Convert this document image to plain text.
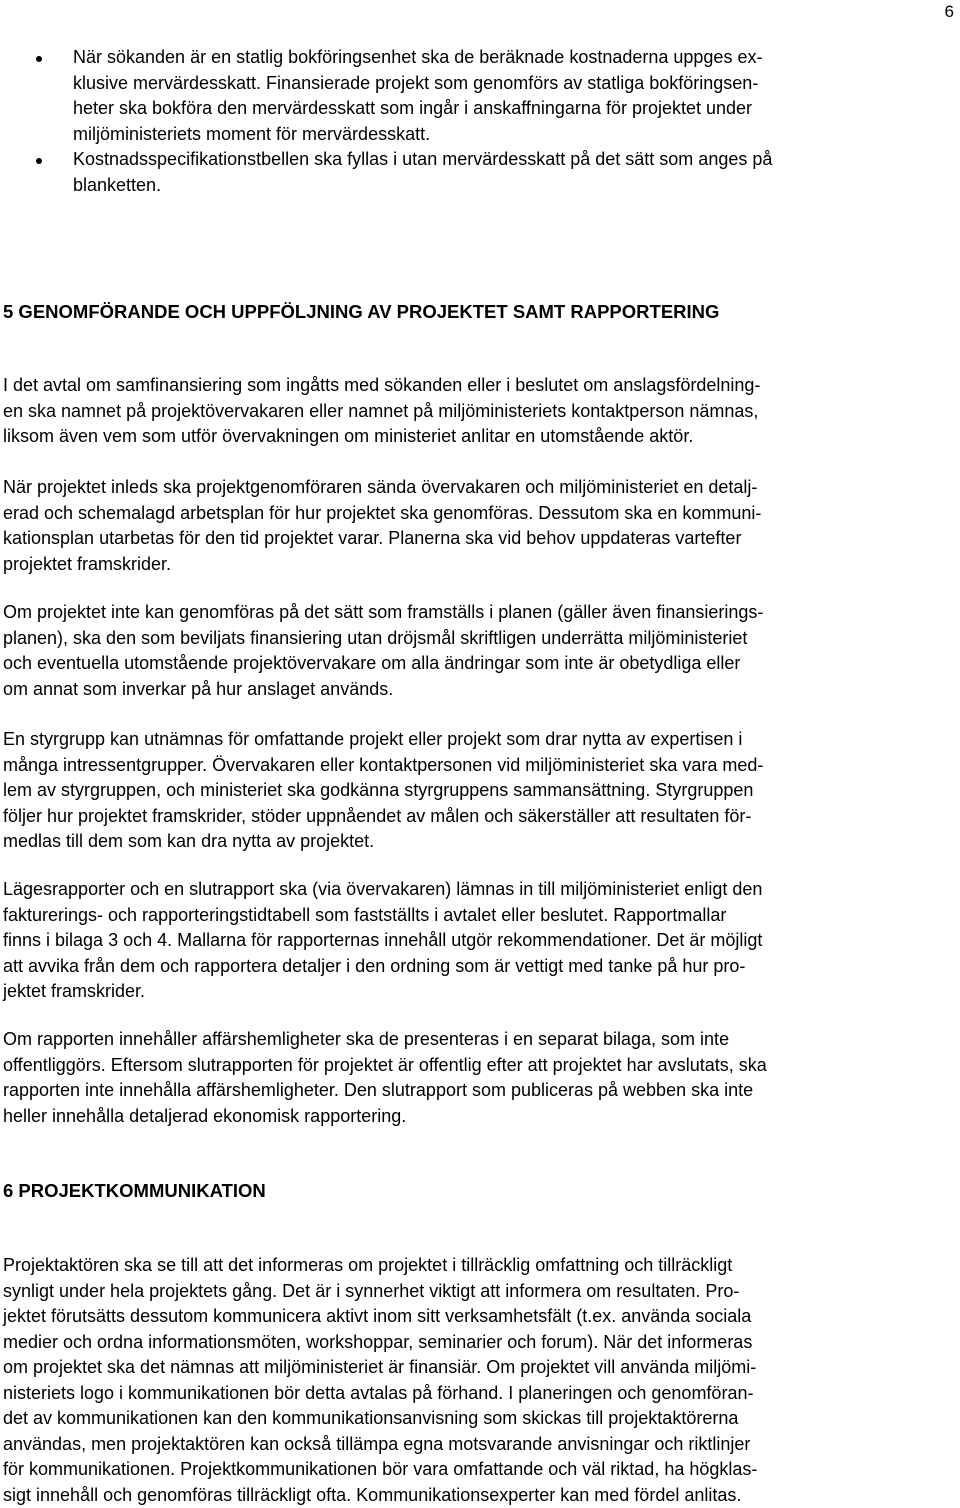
6
När sökanden är en statlig bokföringsenhet ska de beräknade kostnaderna uppges ex-
klusive mervärdesskatt. Finansierade projekt som genomförs av statliga bokföringsen-
heter ska bokföra den mervärdesskatt som ingår i anskaffningarna för projektet under
miljöministeriets moment för mervärdesskatt.
Kostnadsspecifikationstbellen ska fyllas i utan mervärdesskatt på det sätt som anges på
blanketten.
5 GENOMFÖRANDE OCH UPPFÖLJNING AV PROJEKTET SAMT RAPPORTERING
I det avtal om samfinansiering som ingåtts med sökanden eller i beslutet om anslagsfördelning-
en ska namnet på projektövervakaren eller namnet på miljöministeriets kontaktperson nämnas,
liksom även vem som utför övervakningen om ministeriet anlitar en utomstående aktör.
När projektet inleds ska projektgenomföraren sända övervakaren och miljöministeriet en detalj-
erad och schemalagd arbetsplan för hur projektet ska genomföras. Dessutom ska en kommuni-
kationsplan utarbetas för den tid projektet varar. Planerna ska vid behov uppdateras vartefter
projektet framskrider.
Om projektet inte kan genomföras på det sätt som framställs i planen (gäller även finansierings-
planen), ska den som beviljats finansiering utan dröjsmål skriftligen underrätta miljöministeriet
och eventuella utomstående projektövervakare om alla ändringar som inte är obetydliga eller
om annat som inverkar på hur anslaget används.
En styrgrupp kan utnämnas för omfattande projekt eller projekt som drar nytta av expertisen i
många intressentgrupper. Övervakaren eller kontaktpersonen vid miljöministeriet ska vara med-
lem av styrgruppen, och ministeriet ska godkänna styrgruppens sammansättning. Styrgruppen
följer hur projektet framskrider, stöder uppnåendet av målen och säkerställer att resultaten för-
medlas till dem som kan dra nytta av projektet.
Lägesrapporter och en slutrapport ska (via övervakaren) lämnas in till miljöministeriet enligt den
fakturerings- och rapporteringstidtabell som fastställts i avtalet eller beslutet. Rapportmallar
finns i bilaga 3 och 4. Mallarna för rapporternas innehåll utgör rekommendationer. Det är möjligt
att avvika från dem och rapportera detaljer i den ordning som är vettigt med tanke på hur pro-
jektet framskrider.
Om rapporten innehåller affärshemligheter ska de presenteras i en separat bilaga, som inte
offentliggörs. Eftersom slutrapporten för projektet är offentlig efter att projektet har avslutats, ska
rapporten inte innehålla affärshemligheter. Den slutrapport som publiceras på webben ska inte
heller innehålla detaljerad ekonomisk rapportering.
6 PROJEKTKOMMUNIKATION
Projektaktören ska se till att det informeras om projektet i tillräcklig omfattning och tillräckligt
synligt under hela projektets gång. Det är i synnerhet viktigt att informera om resultaten. Pro-
jektet förutsätts dessutom kommunicera aktivt inom sitt verksamhetsfält (t.ex. använda sociala
medier och ordna informationsmöten, workshoppar, seminarier och forum). När det informeras
om projektet ska det nämnas att miljöministeriet är finansiär. Om projektet vill använda miljömi-
nisteriets logo i kommunikationen bör detta avtalas på förhand. I planeringen och genomföran-
det av kommunikationen kan den kommunikationsanvisning som skickas till projektaktörerna
användas, men projektaktören kan också tillämpa egna motsvarande anvisningar och riktlinjer
för kommunikationen. Projektkommunikationen bör vara omfattande och väl riktad, ha högklas-
sigt innehåll och genomföras tillräckligt ofta. Kommunikationsexperter kan med fördel anlitas.
